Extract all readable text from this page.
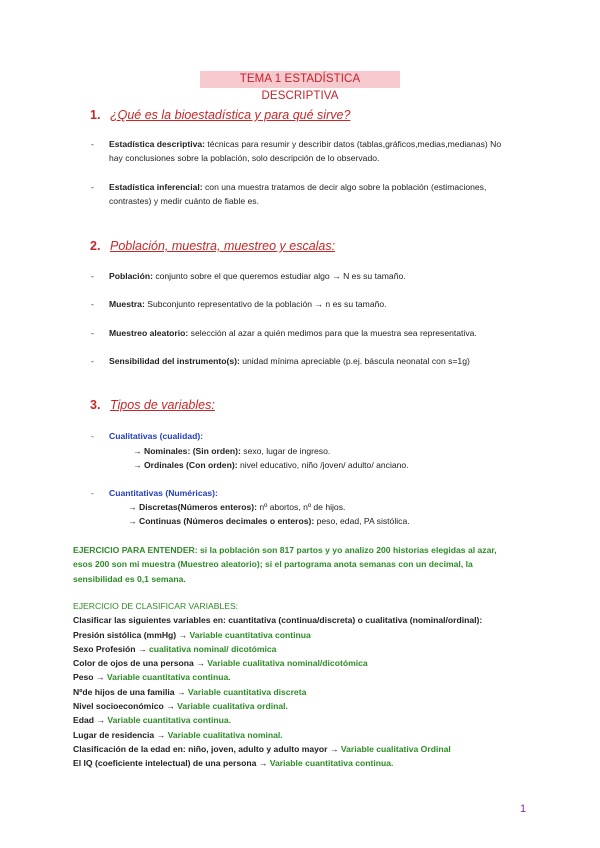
TEMA 1 ESTADÍSTICA DESCRIPTIVA
1. ¿Qué es la bioestadística y para qué sirve?
- Estadística descriptiva: técnicas para resumir y describir datos (tablas,gráficos,medias,medianas) No
hay conclusiones sobre la población, solo descripción de lo observado.
- Estadística inferencial: con una muestra tratamos de decir algo sobre la población (estimaciones,
contrastes) y medir cuánto de fiable es.
2. Población, muestra, muestreo y escalas:
- Población: conjunto sobre el que queremos estudiar algo → N es su tamaño.
- Muestra: Subconjunto representativo de la población → n es su tamaño.
- Muestreo aleatorio: selección al azar a quién medimos para que la muestra sea representativa.
- Sensibilidad del instrumento(s): unidad mínima apreciable (p.ej. báscula neonatal con s=1g)
3. Tipos de variables:
- Cualitativas (cualidad):
→ Nominales: (Sin orden): sexo, lugar de ingreso.
→ Ordinales (Con orden): nivel educativo, niño /joven/ adulto/ anciano.
- Cuantitativas (Numéricas):
→ Discretas(Números enteros): nº abortos, nº de hijos.
→ Continuas (Números decimales o enteros): peso, edad, PA sistólica.
EJERCICIO PARA ENTENDER: si la población son 817 partos y yo analizo 200 historias elegidas al azar,
esos 200 son mi muestra (Muestreo aleatorio); si el partograma anota semanas con un decimal, la
sensibilidad es 0,1 semana.
EJERCICIO DE CLASIFICAR VARIABLES:
Clasificar las siguientes variables en: cuantitativa (continua/discreta) o cualitativa (nominal/ordinal):
Presión sistólica (mmHg) → Variable cuantitativa continua
Sexo Profesión → cualitativa nominal/ dicotómica
Color de ojos de una persona → Variable cualitativa nominal/dicotómica
Peso → Variable cuantitativa continua.
Nºde hijos de una familia → Variable cuantitativa discreta
Nivel socioeconómico → Variable cualitativa ordinal.
Edad → Variable cuantitativa continua.
Lugar de residencia → Variable cualitativa nominal.
Clasificación de la edad en: niño, joven, adulto y adulto mayor → Variable cualitativa Ordinal
El IQ (coeficiente intelectual) de una persona → Variable cuantitativa continua.
1
